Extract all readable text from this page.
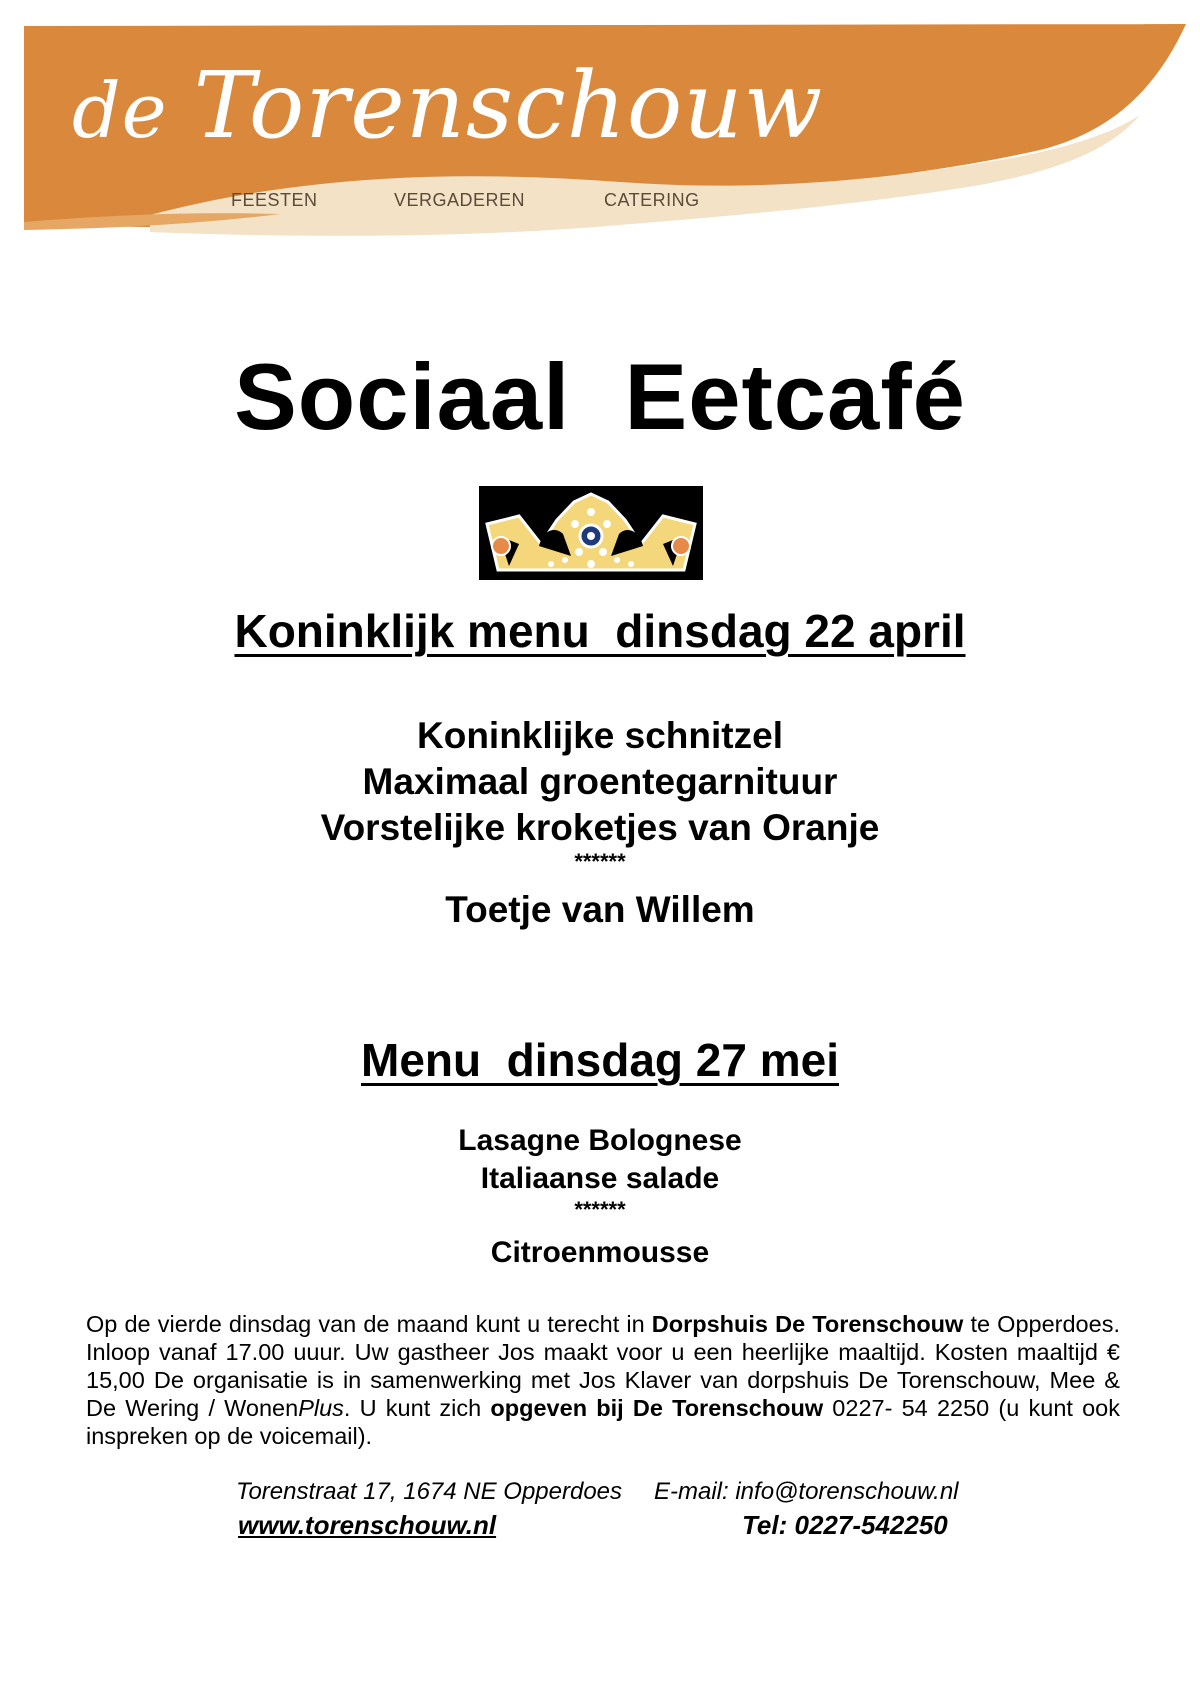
de Torenschouw
FEESTEN	VERGADEREN	CATERING
Sociaal  Eetcafé
Koninklijk menu  dinsdag 22 april
Koninklijke schnitzel
Maximaal groentegarnituur
Vorstelijke kroketjes van Oranje
******
Toetje van Willem
Menu  dinsdag 27 mei
Lasagne Bolognese
Italiaanse salade
******
Citroenmousse
Op de vierde dinsdag van de maand kunt u terecht in Dorpshuis De Torenschouw te Opperdoes. Inloop vanaf 17.00 uuur. Uw gastheer Jos maakt voor u een heerlijke maaltijd. Kosten maaltijd € 15,00 De organisatie is in samenwerking met Jos Klaver van dorpshuis De Torenschouw, Mee & De Wering / WonenPlus. U kunt zich opgeven bij De Torenschouw 0227- 54 2250 (u kunt ook inspreken op de voicemail).
Torenstraat 17, 1674 NE Opperdoes E-mail: info@torenschouw.nl
www.torenschouw.nl	Tel: 0227-542250
